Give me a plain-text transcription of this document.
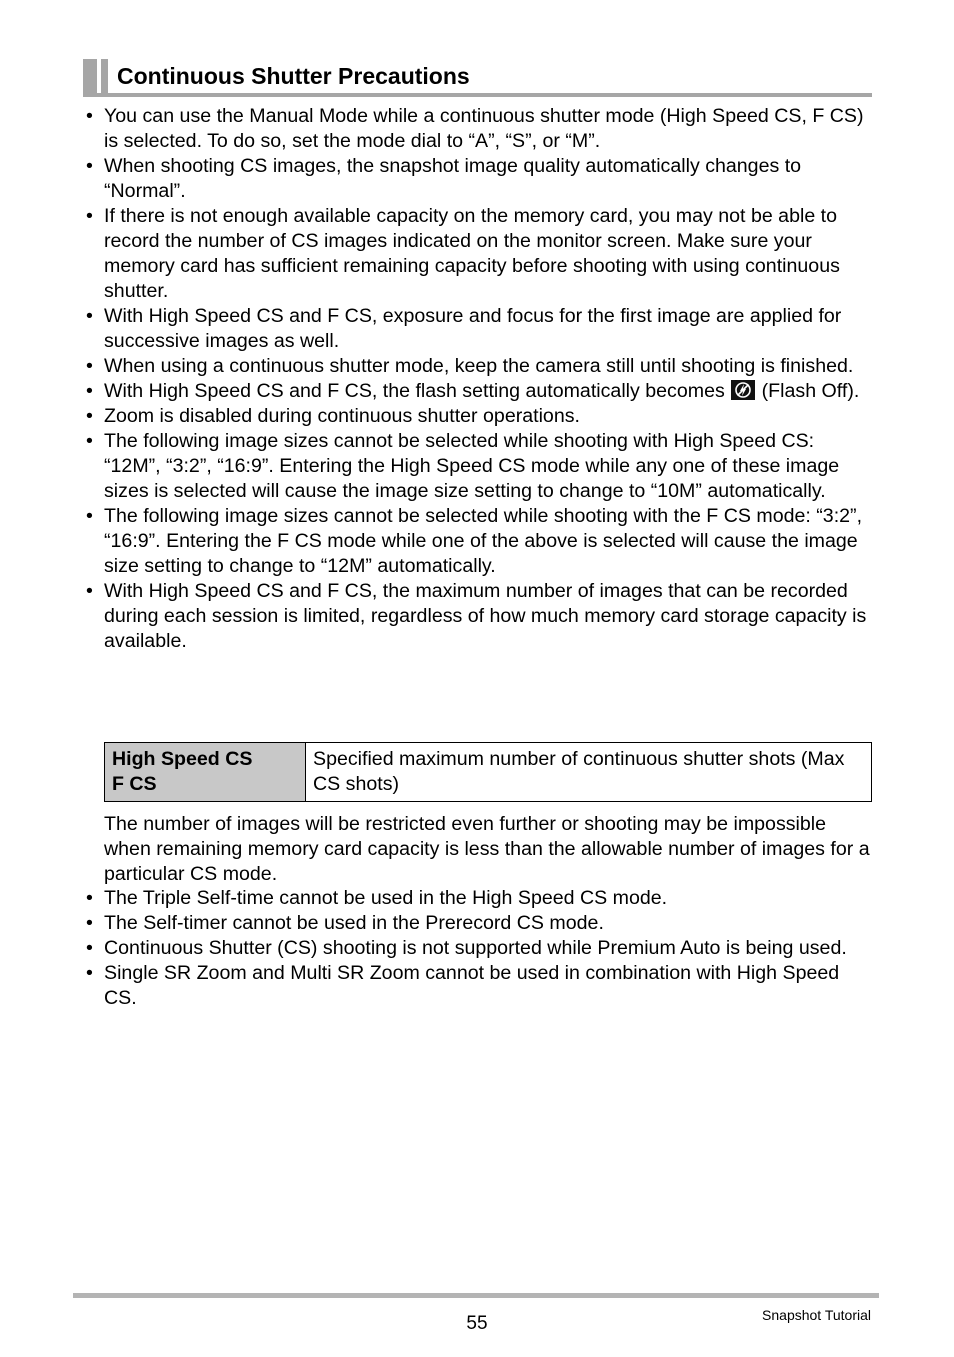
Continuous Shutter Precautions
• You can use the Manual Mode while a continuous shutter mode (High Speed CS, F CS) is selected. To do so, set the mode dial to “A”, “S”, or “M”.
• When shooting CS images, the snapshot image quality automatically changes to “Normal”.
• If there is not enough available capacity on the memory card, you may not be able to record the number of CS images indicated on the monitor screen. Make sure your memory card has sufficient remaining capacity before shooting with using continuous shutter.
• With High Speed CS and F CS, exposure and focus for the first image are applied for successive images as well.
• When using a continuous shutter mode, keep the camera still until shooting is finished.
• With High Speed CS and F CS, the flash setting automatically becomes
(Flash Off).
• Zoom is disabled during continuous shutter operations.
• The following image sizes cannot be selected while shooting with High Speed CS: “12M”, “3:2”, “16:9”. Entering the High Speed CS mode while any one of these image sizes is selected will cause the image size setting to change to “10M” automatically.
• The following image sizes cannot be selected while shooting with the F CS mode: “3:2”, “16:9”. Entering the F CS mode while one of the above is selected will cause the image size setting to change to “12M” automatically.
• With High Speed CS and F CS, the maximum number of images that can be recorded during each session is limited, regardless of how much memory card storage capacity is available.
High Speed CS
F CS	Specified maximum number of continuous shutter shots (Max CS shots)
The number of images will be restricted even further or shooting may be impossible when remaining memory card capacity is less than the allowable number of images for a particular CS mode.
• The Triple Self-time cannot be used in the High Speed CS mode.
• The Self-timer cannot be used in the Prerecord CS mode.
• Continuous Shutter (CS) shooting is not supported while Premium Auto is being used.
• Single SR Zoom and Multi SR Zoom cannot be used in combination with High Speed CS.
55	Snapshot Tutorial
